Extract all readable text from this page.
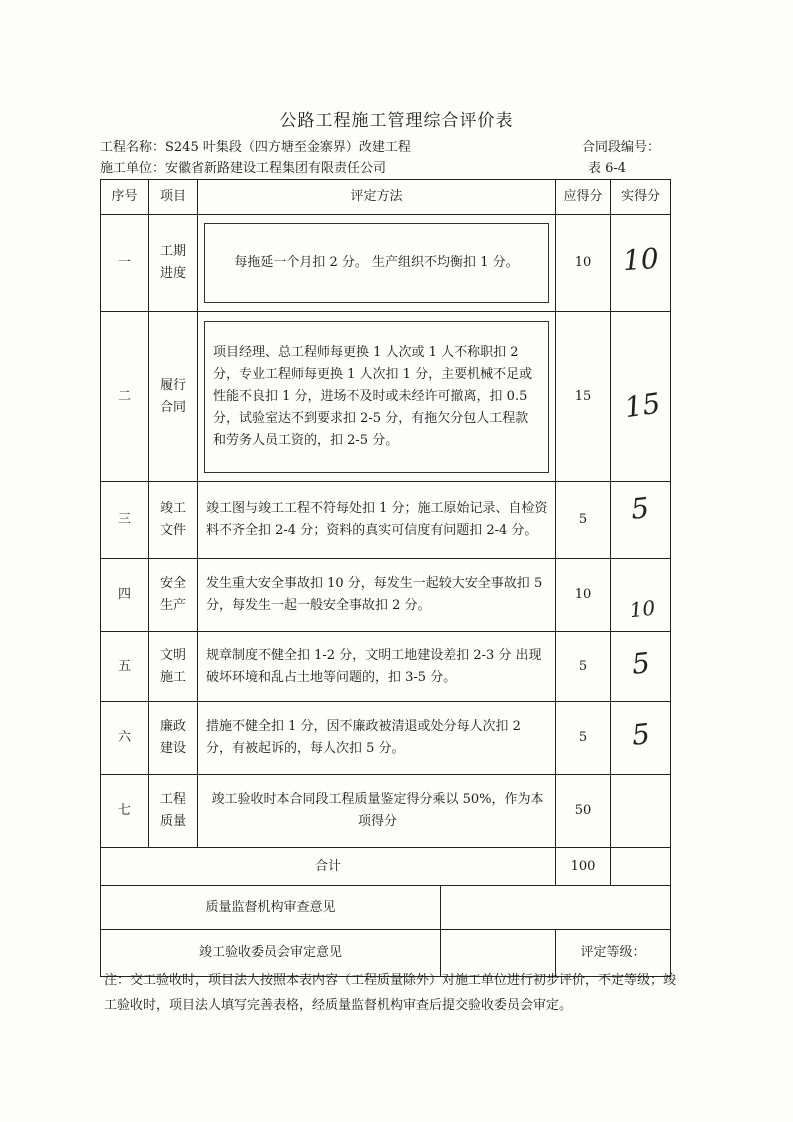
公路工程施工管理综合评价表
工程名称：S245 叶集段（四方塘至金寨界）改建工程	合同段编号：
施工单位：安徽省新路建设工程集团有限责任公司	表 6-4
序号	项目	评定方法		应得分	实得分
一	工期进度	每拖延一个月扣 2 分。 生产组织不均衡扣 1 分。		10	10
二	履行合同	项目经理、总工程师每更换 1 人次或 1 人不称职扣 2 分，专业工程师每更换 1 人次扣 1 分，主要机械不足或性能不良扣 1 分，进场不及时或未经许可撤离，扣 0.5 分，试验室达不到要求扣 2-5 分，有拖欠分包人工程款和劳务人员工资的，扣 2-5 分。		15	15
三	竣工文件	竣工图与竣工工程不符每处扣 1 分；施工原始记录、自检资料不齐全扣 2-4 分；资料的真实可信度有问题扣 2-4 分。		5	5
四	安全生产	发生重大安全事故扣 10 分，每发生一起较大安全事故扣 5 分，每发生一起一般安全事故扣 2 分。		10	10
五	文明施工	规章制度不健全扣 1-2 分，文明工地建设差扣 2-3 分 出现破坏环境和乱占土地等问题的，扣 3-5 分。		5	5
六	廉政建设	措施不健全扣 1 分，因不廉政被清退或处分每人次扣 2 分，有被起诉的，每人次扣 5 分。		5	5
七	工程质量	竣工验收时本合同段工程质量鉴定得分乘以 50%，作为本项得分		50	
合计				100	
质量监督机构审查意见					
竣工验收委员会审定意见				评定等级：	
注：交工验收时，项目法人按照本表内容（工程质量除外）对施工单位进行初步评价，不定等级；竣工验收时，项目法人填写完善表格，经质量监督机构审查后提交验收委员会审定。
